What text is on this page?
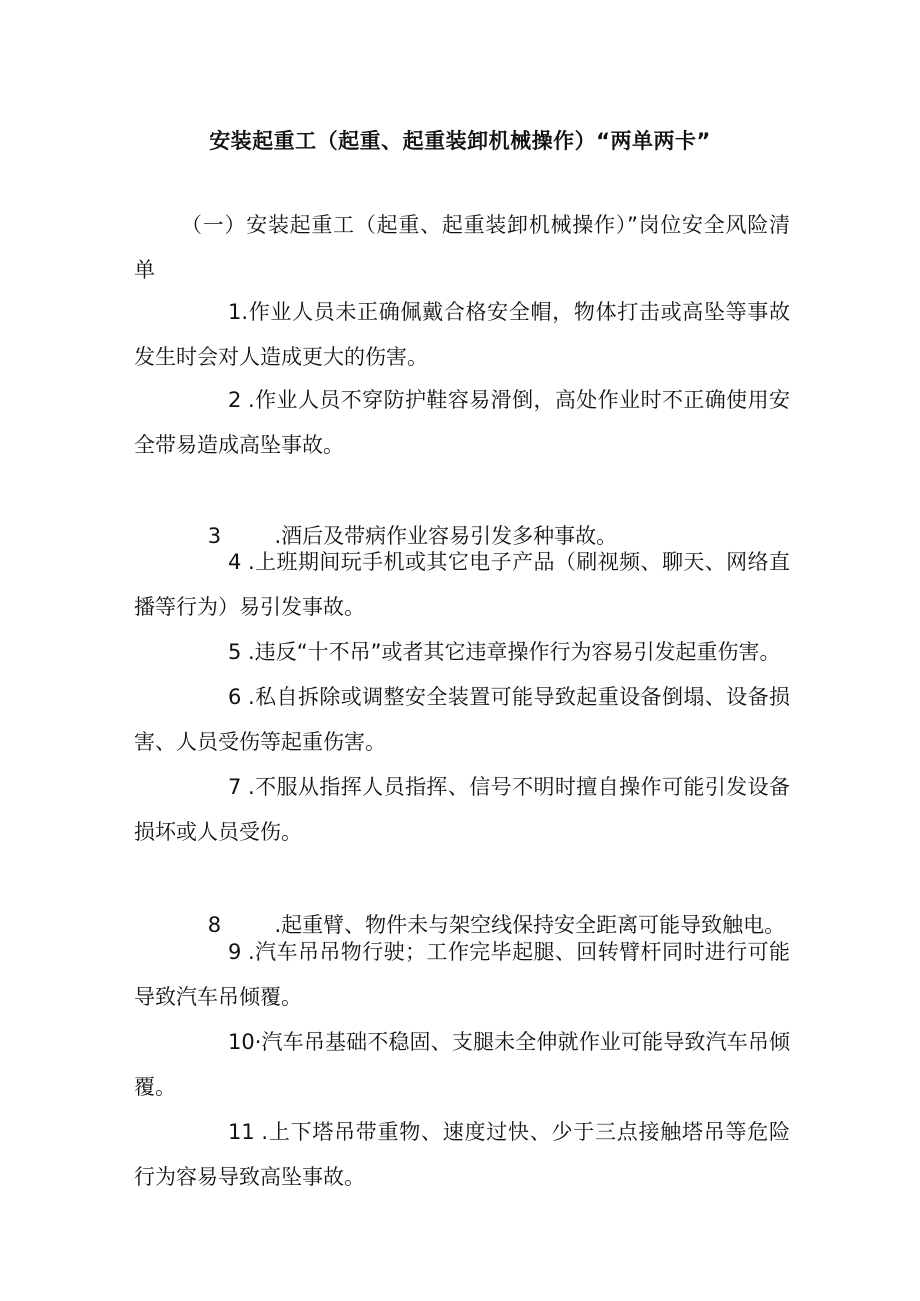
安装起重工（起重、起重装卸机械操作）“两单两卡”
（一）安装起重工（起重、起重装卸机械操作）”岗位安全风险清单
1.作业人员未正确佩戴合格安全帽，物体打击或高坠等事故发生时会对人造成更大的伤害。
2 .作业人员不穿防护鞋容易滑倒，高处作业时不正确使用安全带易造成高坠事故。

3        .酒后及带病作业容易引发多种事故。

4 .上班期间玩手机或其它电子产品（刷视频、聊天、网络直播等行为）易引发事故。
5 .违反“十不吊”或者其它违章操作行为容易引发起重伤害。
6 .私自拆除或调整安全装置可能导致起重设备倒塌、设备损害、人员受伤等起重伤害。
7 .不服从指挥人员指挥、信号不明时擅自操作可能引发设备损坏或人员受伤。

8        .起重臂、物件未与架空线保持安全距离可能导致触电。

9 .汽车吊吊物行驶；工作完毕起腿、回转臂杆同时进行可能导致汽车吊倾覆。
10·汽车吊基础不稳固、支腿未全伸就作业可能导致汽车吊倾覆。
11 .上下塔吊带重物、速度过快、少于三点接触塔吊等危险行为容易导致高坠事故。
